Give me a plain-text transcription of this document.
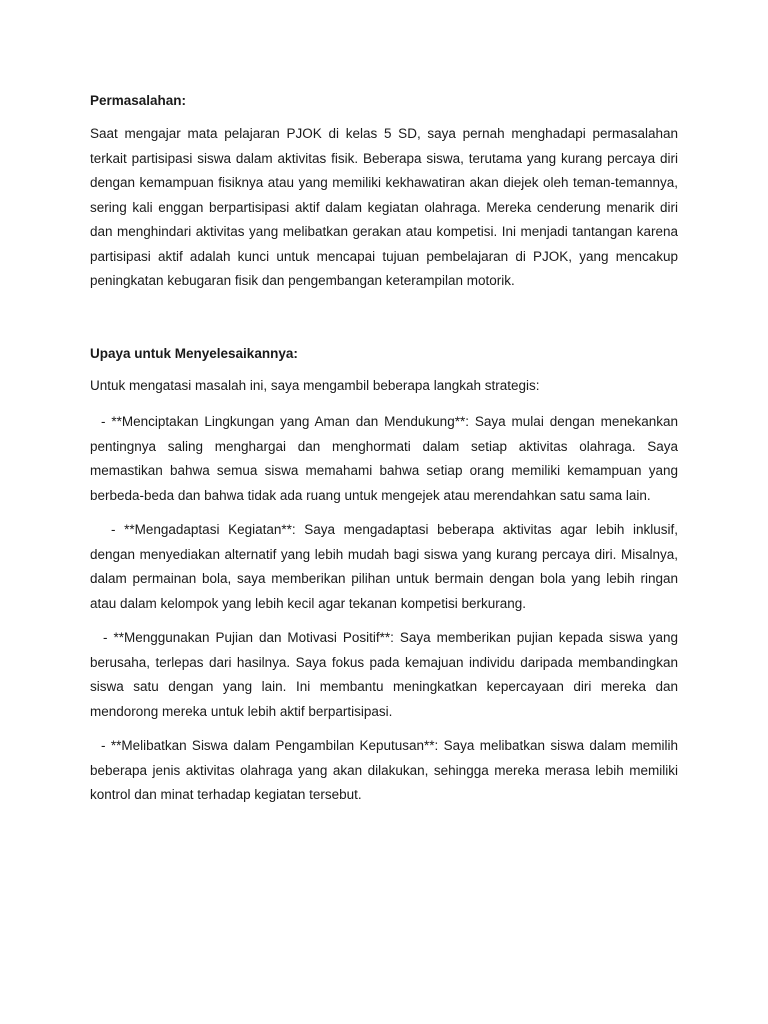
Permasalahan:

Saat mengajar mata pelajaran PJOK di kelas 5 SD, saya pernah menghadapi permasalahan terkait partisipasi siswa dalam aktivitas fisik. Beberapa siswa, terutama yang kurang percaya diri dengan kemampuan fisiknya atau yang memiliki kekhawatiran akan diejek oleh teman-temannya, sering kali enggan berpartisipasi aktif dalam kegiatan olahraga. Mereka cenderung menarik diri dan menghindari aktivitas yang melibatkan gerakan atau kompetisi. Ini menjadi tantangan karena partisipasi aktif adalah kunci untuk mencapai tujuan pembelajaran di PJOK, yang mencakup peningkatan kebugaran fisik dan pengembangan keterampilan motorik.

Upaya untuk Menyelesaikannya:

Untuk mengatasi masalah ini, saya mengambil beberapa langkah strategis:

- **Menciptakan Lingkungan yang Aman dan Mendukung**: Saya mulai dengan menekankan pentingnya saling menghargai dan menghormati dalam setiap aktivitas olahraga. Saya memastikan bahwa semua siswa memahami bahwa setiap orang memiliki kemampuan yang berbeda-beda dan bahwa tidak ada ruang untuk mengejek atau merendahkan satu sama lain.

- **Mengadaptasi Kegiatan**: Saya mengadaptasi beberapa aktivitas agar lebih inklusif, dengan menyediakan alternatif yang lebih mudah bagi siswa yang kurang percaya diri. Misalnya, dalam permainan bola, saya memberikan pilihan untuk bermain dengan bola yang lebih ringan atau dalam kelompok yang lebih kecil agar tekanan kompetisi berkurang.

- **Menggunakan Pujian dan Motivasi Positif**: Saya memberikan pujian kepada siswa yang berusaha, terlepas dari hasilnya. Saya fokus pada kemajuan individu daripada membandingkan siswa satu dengan yang lain. Ini membantu meningkatkan kepercayaan diri mereka dan mendorong mereka untuk lebih aktif berpartisipasi.

- **Melibatkan Siswa dalam Pengambilan Keputusan**: Saya melibatkan siswa dalam memilih beberapa jenis aktivitas olahraga yang akan dilakukan, sehingga mereka merasa lebih memiliki kontrol dan minat terhadap kegiatan tersebut.
